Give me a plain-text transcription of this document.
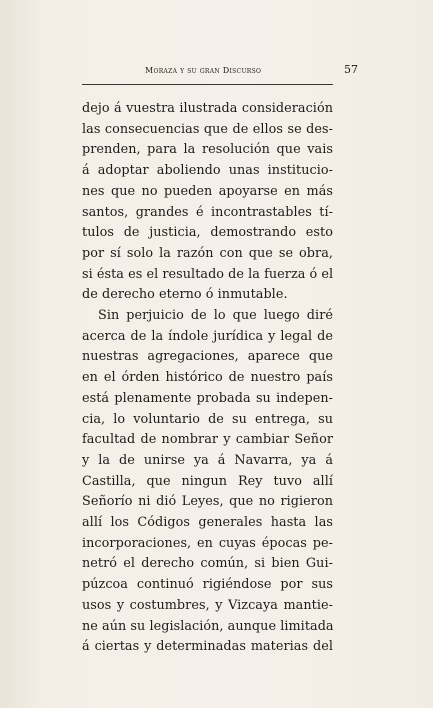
Moraza y su gran Discurso	57
dejo á vuestra ilustrada consideración
las consecuencias que de ellos se des-
prenden, para la resolución que vais
á adoptar aboliendo unas institucio-
nes que no pueden apoyarse en más
santos, grandes é incontrastables tí-
tulos de justicia, demostrando esto
por sí solo la razón con que se obra,
si ésta es el resultado de la fuerza ó el
de derecho eterno ó inmutable.
Sin perjuicio de lo que luego diré
acerca de la índole jurídica y legal de
nuestras agregaciones, aparece que
en el órden histórico de nuestro país
está plenamente probada su indepen-
cia, lo voluntario de su entrega, su
facultad de nombrar y cambiar Señor
y la de unirse ya á Navarra, ya á
Castilla, que ningun Rey tuvo allí
Señorío ni dió Leyes, que no rigieron
allí los Códigos generales hasta las
incorporaciones, en cuyas épocas pe-
netró el derecho común, si bien Gui-
púzcoa continuó rigiéndose por sus
usos y costumbres, y Vizcaya mantie-
ne aún su legislación, aunque limitada
á ciertas y determinadas materias del
